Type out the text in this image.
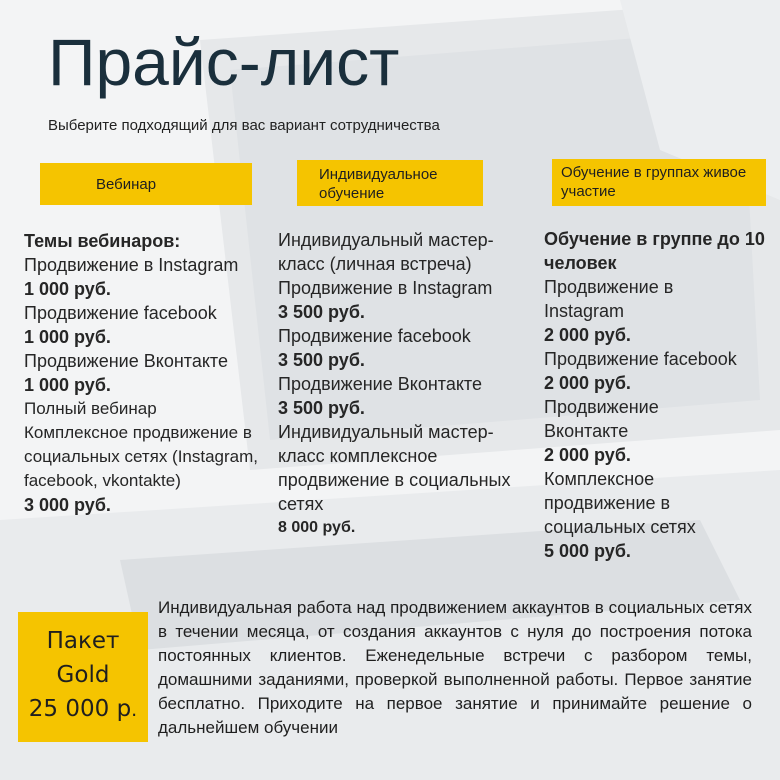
Прайс-лист
Выберите подходящий для вас вариант сотрудничества
Вебинар
Индивидуальное обучение
Обучение в группах живое участие
Темы вебинаров:
Продвижение в Instagram
1 000 руб.
Продвижение facebook
1 000 руб.
Продвижение Вконтакте
1 000 руб.
Полный вебинар
Комплексное продвижение в социальных сетях (Instagram, facebook, vkontakte)
3 000 руб.
Индивидуальный мастер-класс (личная встреча)
Продвижение в Instagram
3 500 руб.
Продвижение facebook
3 500 руб.
Продвижение Вконтакте
3 500 руб.
Индивидуальный мастер-класс комплексное продвижение в социальных сетях
8 000 руб.
Обучение в группе до 10 человек
Продвижение в Instagram
2 000 руб.
Продвижение facebook
2 000 руб.
Продвижение Вконтакте
2 000 руб.
Комплексное продвижение в социальных сетях
5 000 руб.
Пакет
Gold
25 000 р.
Индивидуальная работа над продвижением аккаунтов в социальных сетях в течении месяца, от создания аккаунтов с нуля до построения потока постоянных клиентов. Еженедельные встречи с разбором темы, домашними заданиями, проверкой выполненной работы. Первое занятие бесплатно. Приходите на первое занятие и принимайте решение о дальнейшем обучении
